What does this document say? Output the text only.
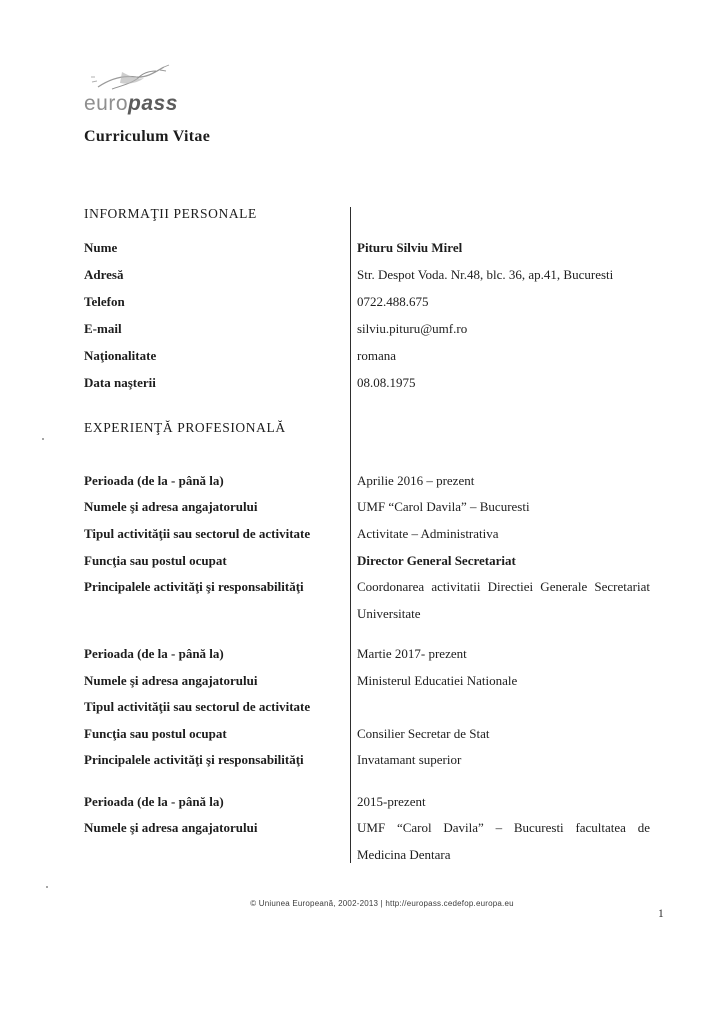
europass
Curriculum Vitae
INFORMAŢII PERSONALE
Nume	Pituru Silviu Mirel
Adresă	Str. Despot Voda. Nr.48, blc. 36, ap.41, Bucuresti
Telefon	0722.488.675
E-mail	silviu.pituru@umf.ro
Naţionalitate	romana
Data naşterii	08.08.1975
EXPERIENŢĂ PROFESIONALĂ
Perioada (de la - până la)	Aprilie 2016 – prezent
Numele şi adresa angajatorului	UMF “Carol Davila” – Bucuresti
Tipul activităţii sau sectorul de activitate	Activitate – Administrativa
Funcţia sau postul ocupat	Director General Secretariat
Principalele activităţi şi responsabilităţi	Coordonarea activitatii Directiei Generale Secretariat Universitate
Perioada (de la - până la)	Martie 2017- prezent
Numele şi adresa angajatorului	Ministerul Educatiei Nationale
Tipul activităţii sau sectorul de activitate
Funcţia sau postul ocupat	Consilier Secretar de Stat
Principalele activităţi şi responsabilităţi	Invatamant superior
Perioada (de la - până la)	2015-prezent
Numele şi adresa angajatorului	UMF “Carol Davila” – Bucuresti facultatea de Medicina Dentara
© Uniunea Europeană, 2002-2013 | http://europass.cedefop.europa.eu
1
